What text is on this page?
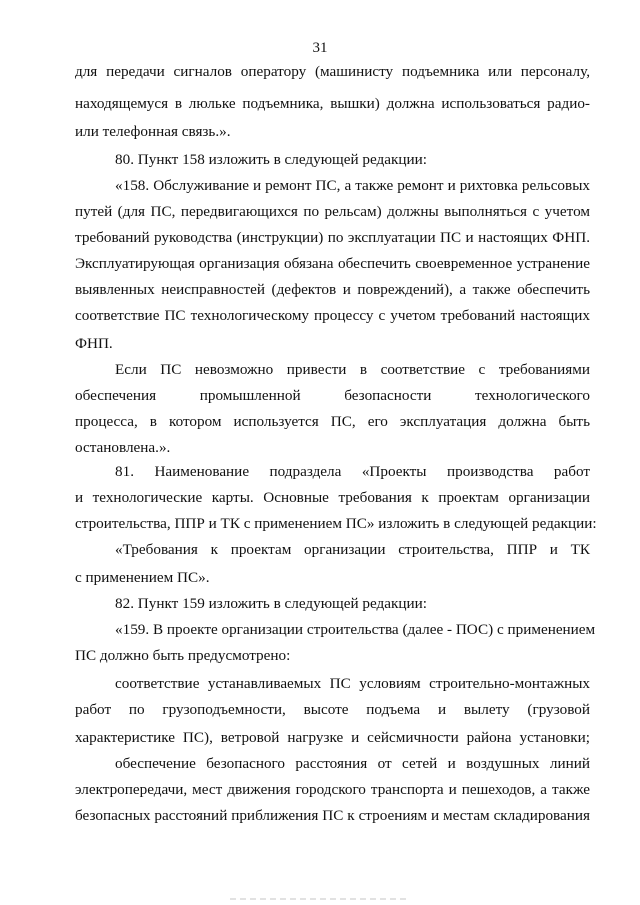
31
для передачи сигналов оператору (машинисту подъемника или персоналу,
находящемуся в люльке подъемника, вышки) должна использоваться радио-
или телефонная связь.».
80. Пункт 158 изложить в следующей редакции:
«158. Обслуживание и ремонт ПС, а также ремонт и рихтовка рельсовых
путей (для ПС, передвигающихся по рельсам) должны выполняться с учетом
требований руководства (инструкции) по эксплуатации ПС и настоящих ФНП.
Эксплуатирующая организация обязана обеспечить своевременное устранение
выявленных неисправностей (дефектов и повреждений), а также обеспечить
соответствие ПС технологическому процессу с учетом требований настоящих
ФНП.
Если ПС невозможно привести в соответствие с требованиями
обеспечения промышленной безопасности технологического
процесса, в котором используется ПС, его эксплуатация должна быть
остановлена.».
81. Наименование подраздела «Проекты производства работ
и технологические карты. Основные требования к проектам организации
строительства, ППР и ТК с применением ПС» изложить в следующей редакции:
«Требования к проектам организации строительства, ППР и ТК
с применением ПС».
82. Пункт 159 изложить в следующей редакции:
«159. В проекте организации строительства (далее - ПОС) с применением
ПС должно быть предусмотрено:
соответствие устанавливаемых ПС условиям строительно-монтажных
работ по грузоподъемности, высоте подъема и вылету (грузовой
характеристике ПС), ветровой нагрузке и сейсмичности района установки;
обеспечение безопасного расстояния от сетей и воздушных линий
электропередачи, мест движения городского транспорта и пешеходов, а также
безопасных расстояний приближения ПС к строениям и местам складирования
